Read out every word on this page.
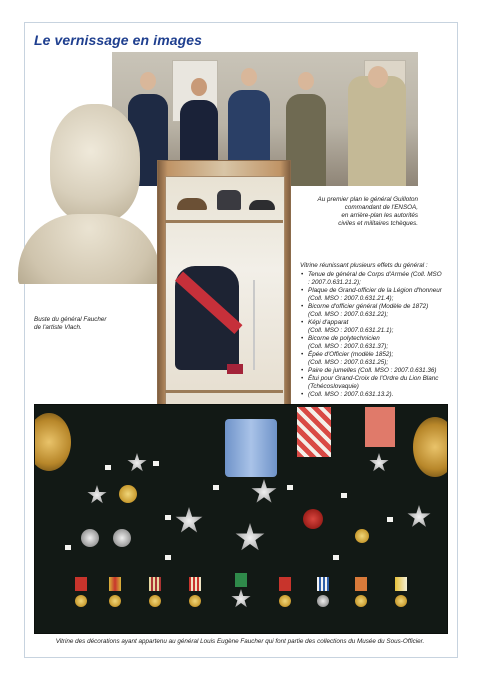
Le vernissage en images

Au premier plan le général Guilloton
commandant de l'ENSOA,
en arrière-plan les autorités
civiles et militaires tchèques.

Buste du général Faucher
de l'artiste Vlach.

Vitrine réunissant plusieurs effets du général :

• Tenue de général de Corps d'Armée (Coll. MSO
: 2007.0.631.21.2);
• Plaque de Grand-officier de la Légion d'honneur
(Coll. MSO : 2007.0.631.21.4);
• Bicorne d'officier général (Modèle de 1872)
(Coll. MSO : 2007.0.631.22);
• Képi d'apparat
(Coll. MSO : 2007.0.631.21.1);
• Bicorne de polytechnicien
(Coll. MSO : 2007.0.631.37);
• Épée d'Officier (modèle 1852);
(Coll. MSO : 2007.0.631.25);
• Paire de jumelles (Coll. MSO : 2007.0.631.36)
• Étui pour Grand-Croix de l'Ordre du Lion Blanc
(Tchécoslovaquie)
• (Coll. MSO : 2007.0.631.13.2).

Vitrine des décorations ayant appartenu au général Louis Eugène Faucher qui font partie des collections du Musée du Sous-Officier.
